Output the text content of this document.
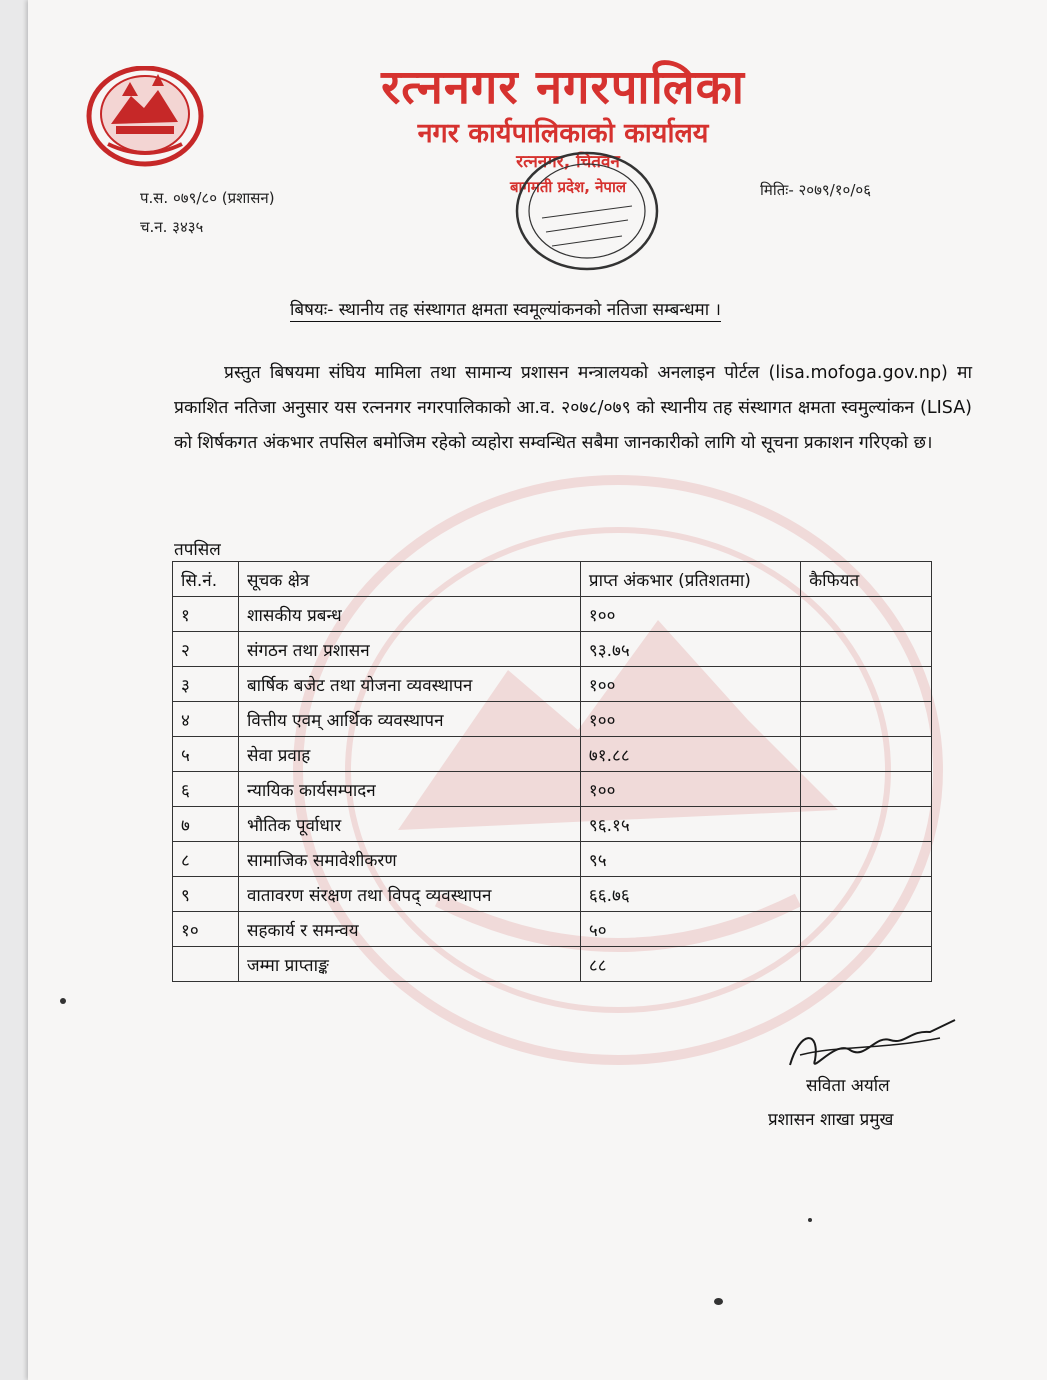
रत्ननगर नगरपालिका
नगर कार्यपालिकाको कार्यालय
रत्ननगर, चितवन
बागमती प्रदेश, नेपाल
प.स. ०७९/८० (प्रशासन)
च.न. ३४३५
मितिः- २०७९/१०/०६
बिषयः- स्थानीय तह संस्थागत क्षमता स्वमूल्यांकनको नतिजा सम्बन्धमा ।

प्रस्तुत बिषयमा संघिय मामिला तथा सामान्य प्रशासन मन्त्रालयको अनलाइन पोर्टल (lisa.mofoga.gov.np) मा प्रकाशित नतिजा अनुसार यस रत्ननगर नगरपालिकाको आ.व. २०७८/०७९ को स्थानीय तह संस्थागत क्षमता स्वमुल्यांकन (LISA) को शिर्षकगत अंकभार तपसिल बमोजिम रहेको व्यहोरा सम्वन्धित सबैमा जानकारीको लागि यो सूचना प्रकाशन गरिएको छ।

तपसिल
सि.नं.	सूचक क्षेत्र	प्राप्त अंकभार (प्रतिशतमा)	कैफियत
१	शासकीय प्रबन्ध	१००	
२	संगठन तथा प्रशासन	९३.७५	
३	बार्षिक बजेट तथा योजना व्यवस्थापन	१००	
४	वित्तीय एवम् आर्थिक व्यवस्थापन	१००	
५	सेवा प्रवाह	७१.८८	
६	न्यायिक कार्यसम्पादन	१००	
७	भौतिक पूर्वाधार	९६.१५	
८	सामाजिक समावेशीकरण	९५	
९	वातावरण संरक्षण तथा विपद् व्यवस्थापन	६६.७६	
१०	सहकार्य र समन्वय	५०	
	जम्मा प्राप्ताङ्क	८८	
सविता अर्याल
प्रशासन शाखा प्रमुख
